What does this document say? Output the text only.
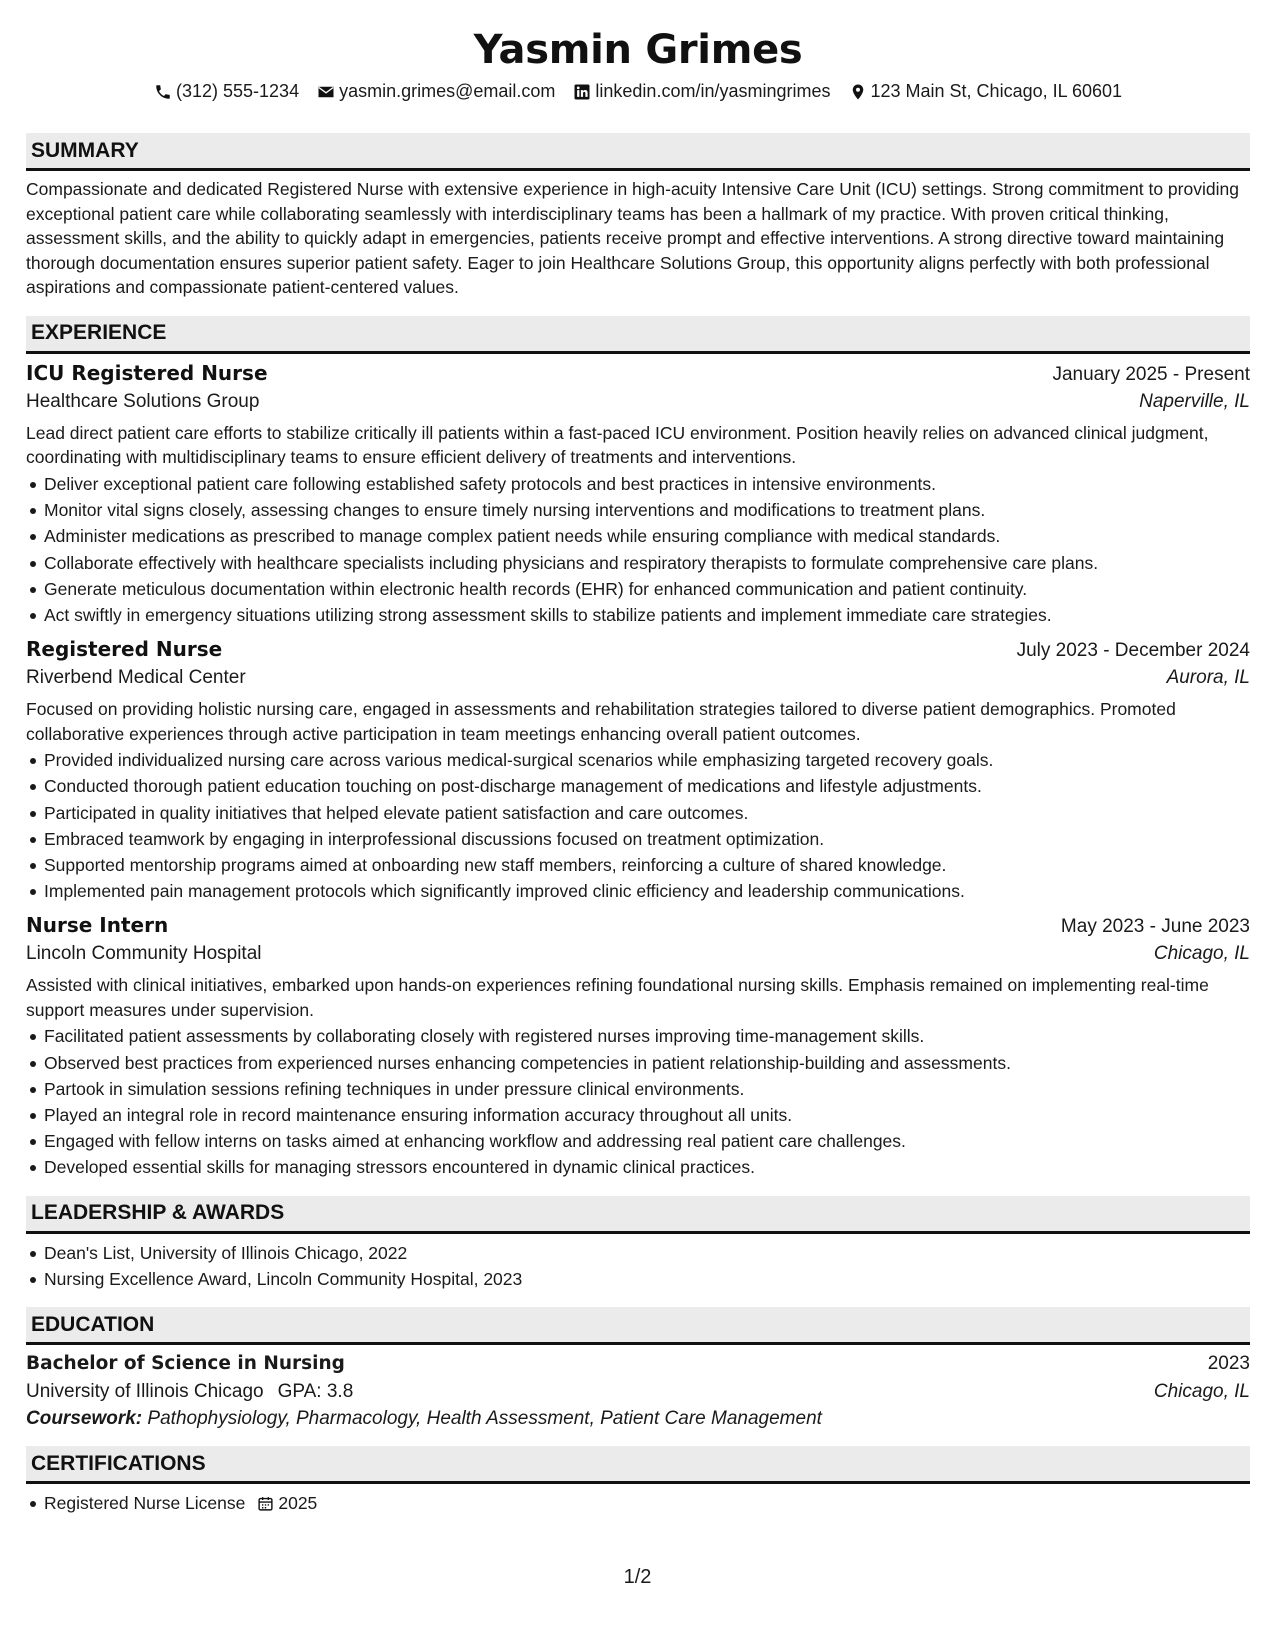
Yasmin Grimes
(312) 555-1234 yasmin.grimes@email.com linkedin.com/in/yasmingrimes 123 Main St, Chicago, IL 60601
SUMMARY
Compassionate and dedicated Registered Nurse with extensive experience in high-acuity Intensive Care Unit (ICU) settings. Strong commitment to providing exceptional patient care while collaborating seamlessly with interdisciplinary teams has been a hallmark of my practice. With proven critical thinking, assessment skills, and the ability to quickly adapt in emergencies, patients receive prompt and effective interventions. A strong directive toward maintaining thorough documentation ensures superior patient safety. Eager to join Healthcare Solutions Group, this opportunity aligns perfectly with both professional aspirations and compassionate patient-centered values.
EXPERIENCE
ICU Registered Nurse	January 2025 - Present
Healthcare Solutions Group	Naperville, IL
Lead direct patient care efforts to stabilize critically ill patients within a fast-paced ICU environment. Position heavily relies on advanced clinical judgment, coordinating with multidisciplinary teams to ensure efficient delivery of treatments and interventions.
Deliver exceptional patient care following established safety protocols and best practices in intensive environments.
Monitor vital signs closely, assessing changes to ensure timely nursing interventions and modifications to treatment plans.
Administer medications as prescribed to manage complex patient needs while ensuring compliance with medical standards.
Collaborate effectively with healthcare specialists including physicians and respiratory therapists to formulate comprehensive care plans.
Generate meticulous documentation within electronic health records (EHR) for enhanced communication and patient continuity.
Act swiftly in emergency situations utilizing strong assessment skills to stabilize patients and implement immediate care strategies.
Registered Nurse	July 2023 - December 2024
Riverbend Medical Center	Aurora, IL
Focused on providing holistic nursing care, engaged in assessments and rehabilitation strategies tailored to diverse patient demographics. Promoted collaborative experiences through active participation in team meetings enhancing overall patient outcomes.
Provided individualized nursing care across various medical-surgical scenarios while emphasizing targeted recovery goals.
Conducted thorough patient education touching on post-discharge management of medications and lifestyle adjustments.
Participated in quality initiatives that helped elevate patient satisfaction and care outcomes.
Embraced teamwork by engaging in interprofessional discussions focused on treatment optimization.
Supported mentorship programs aimed at onboarding new staff members, reinforcing a culture of shared knowledge.
Implemented pain management protocols which significantly improved clinic efficiency and leadership communications.
Nurse Intern	May 2023 - June 2023
Lincoln Community Hospital	Chicago, IL
Assisted with clinical initiatives, embarked upon hands-on experiences refining foundational nursing skills. Emphasis remained on implementing real-time support measures under supervision.
Facilitated patient assessments by collaborating closely with registered nurses improving time-management skills.
Observed best practices from experienced nurses enhancing competencies in patient relationship-building and assessments.
Partook in simulation sessions refining techniques in under pressure clinical environments.
Played an integral role in record maintenance ensuring information accuracy throughout all units.
Engaged with fellow interns on tasks aimed at enhancing workflow and addressing real patient care challenges.
Developed essential skills for managing stressors encountered in dynamic clinical practices.
LEADERSHIP & AWARDS
Dean's List, University of Illinois Chicago, 2022
Nursing Excellence Award, Lincoln Community Hospital, 2023
EDUCATION
Bachelor of Science in Nursing	2023
University of Illinois Chicago GPA: 3.8	Chicago, IL
Coursework: Pathophysiology, Pharmacology, Health Assessment, Patient Care Management
CERTIFICATIONS
Registered Nurse License 2025
1/2
